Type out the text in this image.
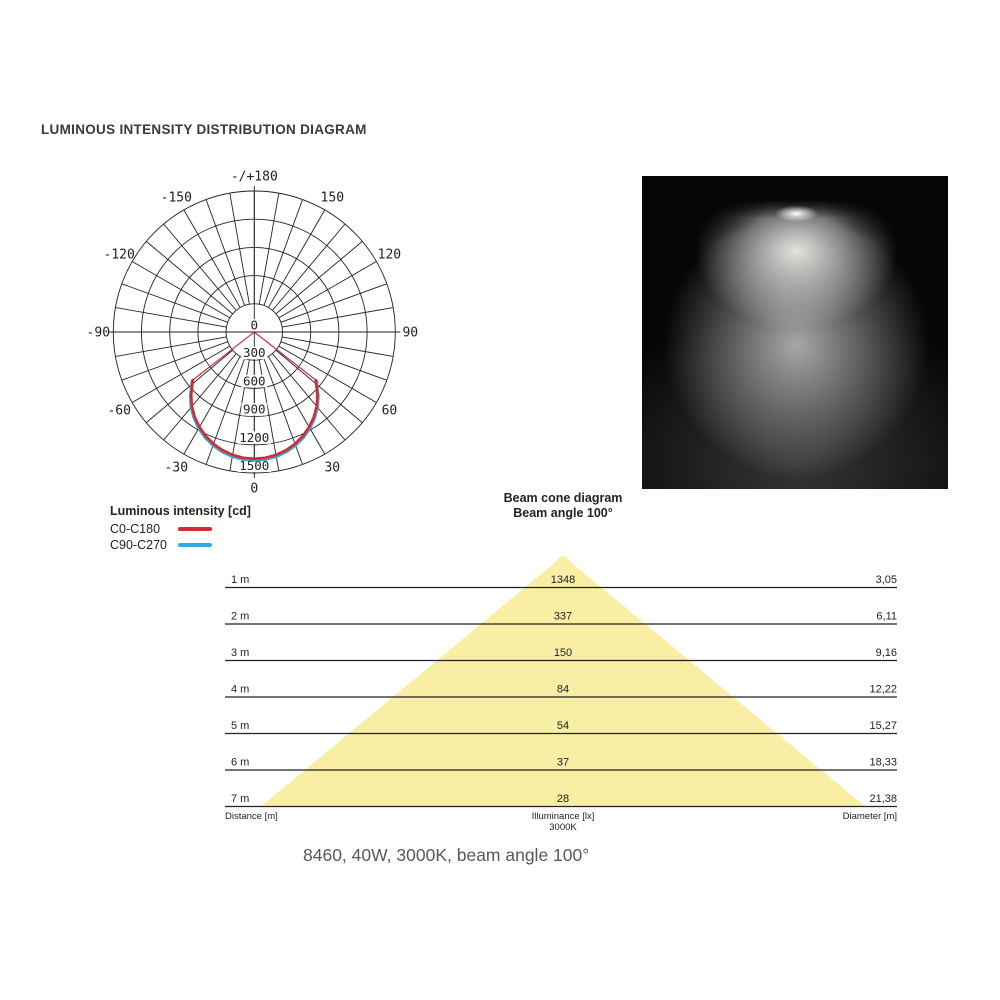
LUMINOUS INTENSITY DISTRIBUTION DIAGRAM
300
600
900
1200
1500
-/+180
-150	150
-120	120
-90	90
-60	60
-30	30
0
0
Luminous intensity [cd]
C0-C180
C90-C270
Beam cone diagram
Beam angle 100°
1 m	1348	3,05
2 m	337	6,11
3 m	150	9,16
4 m	84	12,22
5 m	54	15,27
6 m	37	18,33
7 m	28	21,38
Distance [m]	Illuminance [lx]
3000K
Diameter [m]
8460, 40W, 3000K, beam angle 100°
